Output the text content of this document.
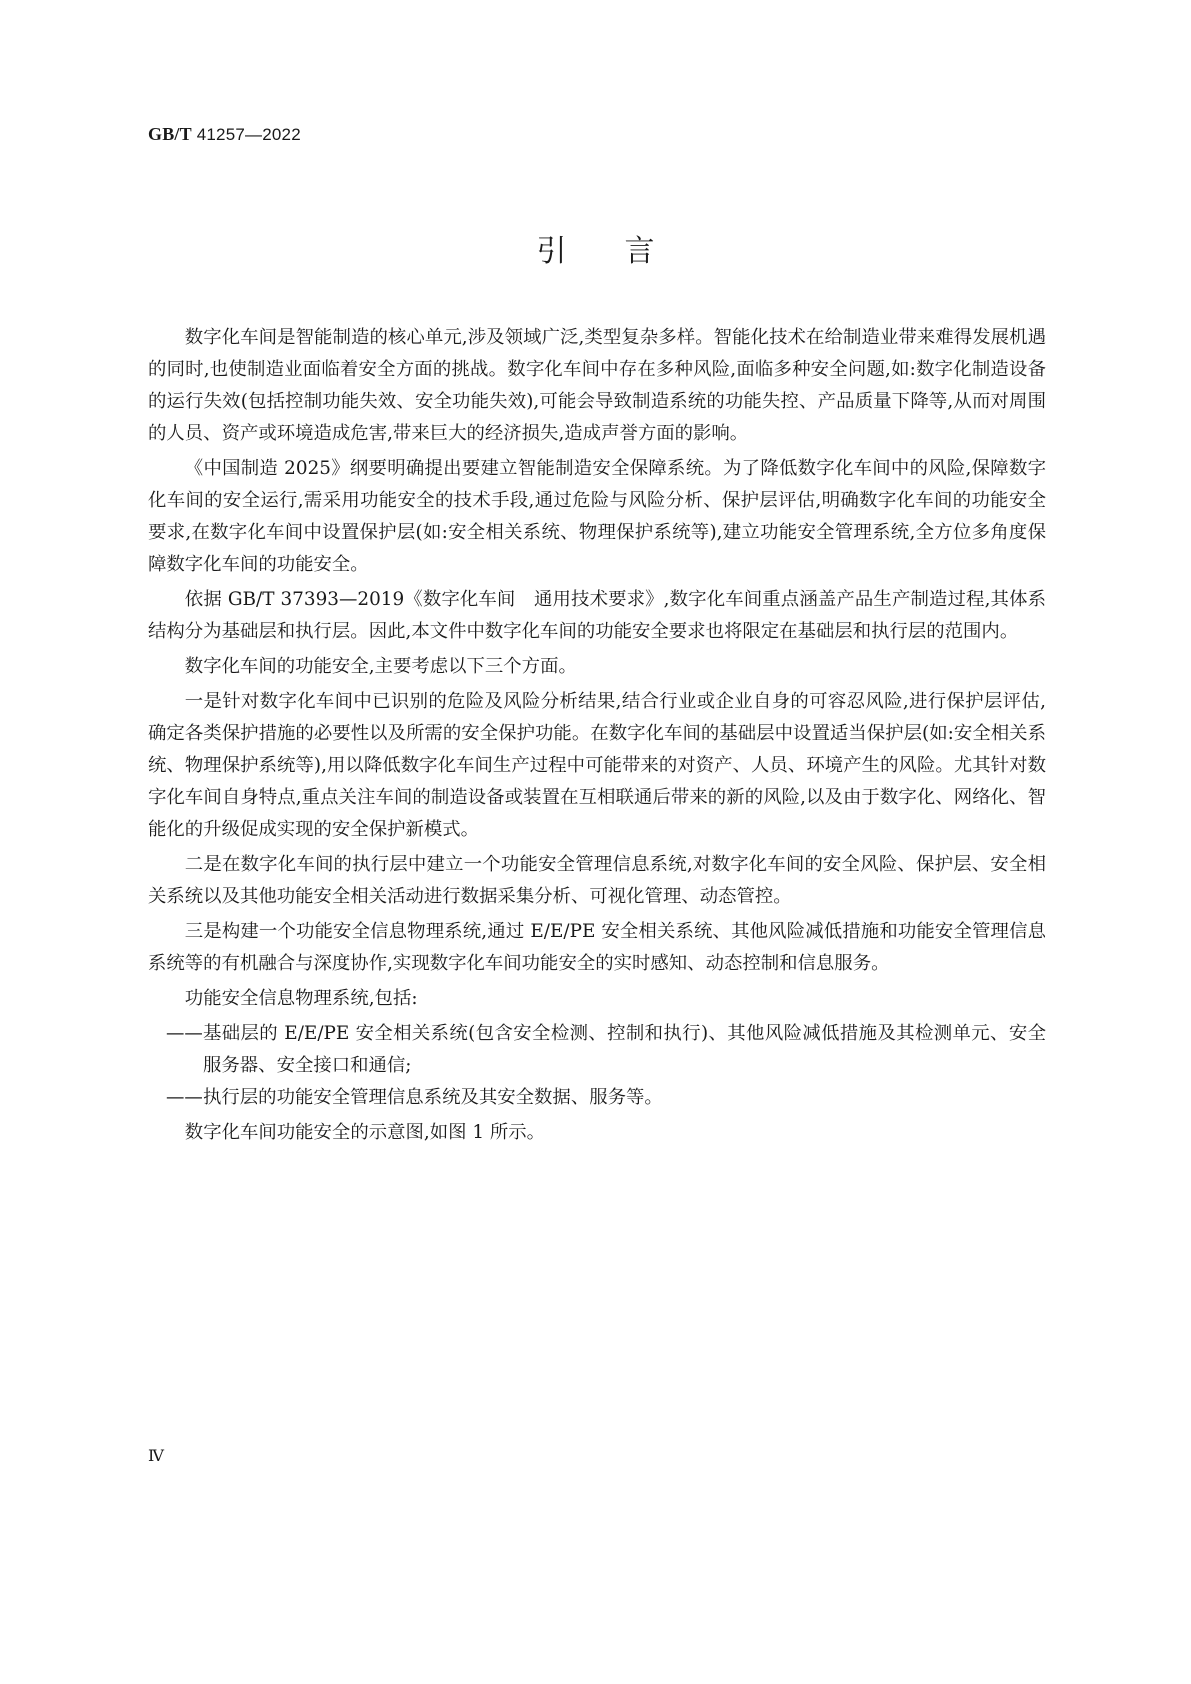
GB/T 41257—2022
引言

数字化车间是智能制造的核心单元,涉及领域广泛,类型复杂多样。智能化技术在给制造业带来难得发展机遇的同时,也使制造业面临着安全方面的挑战。数字化车间中存在多种风险,面临多种安全问题,如:数字化制造设备的运行失效(包括控制功能失效、安全功能失效),可能会导致制造系统的功能失控、产品质量下降等,从而对周围的人员、资产或环境造成危害,带来巨大的经济损失,造成声誉方面的影响。

《中国制造 2025》纲要明确提出要建立智能制造安全保障系统。为了降低数字化车间中的风险,保障数字化车间的安全运行,需采用功能安全的技术手段,通过危险与风险分析、保护层评估,明确数字化车间的功能安全要求,在数字化车间中设置保护层(如:安全相关系统、物理保护系统等),建立功能安全管理系统,全方位多角度保障数字化车间的功能安全。

依据 GB/T 37393—2019《数字化车间　通用技术要求》,数字化车间重点涵盖产品生产制造过程,其体系结构分为基础层和执行层。因此,本文件中数字化车间的功能安全要求也将限定在基础层和执行层的范围内。

数字化车间的功能安全,主要考虑以下三个方面。

一是针对数字化车间中已识别的危险及风险分析结果,结合行业或企业自身的可容忍风险,进行保护层评估,确定各类保护措施的必要性以及所需的安全保护功能。在数字化车间的基础层中设置适当保护层(如:安全相关系统、物理保护系统等),用以降低数字化车间生产过程中可能带来的对资产、人员、环境产生的风险。尤其针对数字化车间自身特点,重点关注车间的制造设备或装置在互相联通后带来的新的风险,以及由于数字化、网络化、智能化的升级促成实现的安全保护新模式。

二是在数字化车间的执行层中建立一个功能安全管理信息系统,对数字化车间的安全风险、保护层、安全相关系统以及其他功能安全相关活动进行数据采集分析、可视化管理、动态管控。

三是构建一个功能安全信息物理系统,通过 E/E/PE 安全相关系统、其他风险减低措施和功能安全管理信息系统等的有机融合与深度协作,实现数字化车间功能安全的实时感知、动态控制和信息服务。

功能安全信息物理系统,包括:

—— 基础层的 E/E/PE 安全相关系统(包含安全检测、控制和执行)、其他风险减低措施及其检测单元、安全服务器、安全接口和通信;
—— 执行层的功能安全管理信息系统及其安全数据、服务等。

数字化车间功能安全的示意图,如图 1 所示。

Ⅳ
